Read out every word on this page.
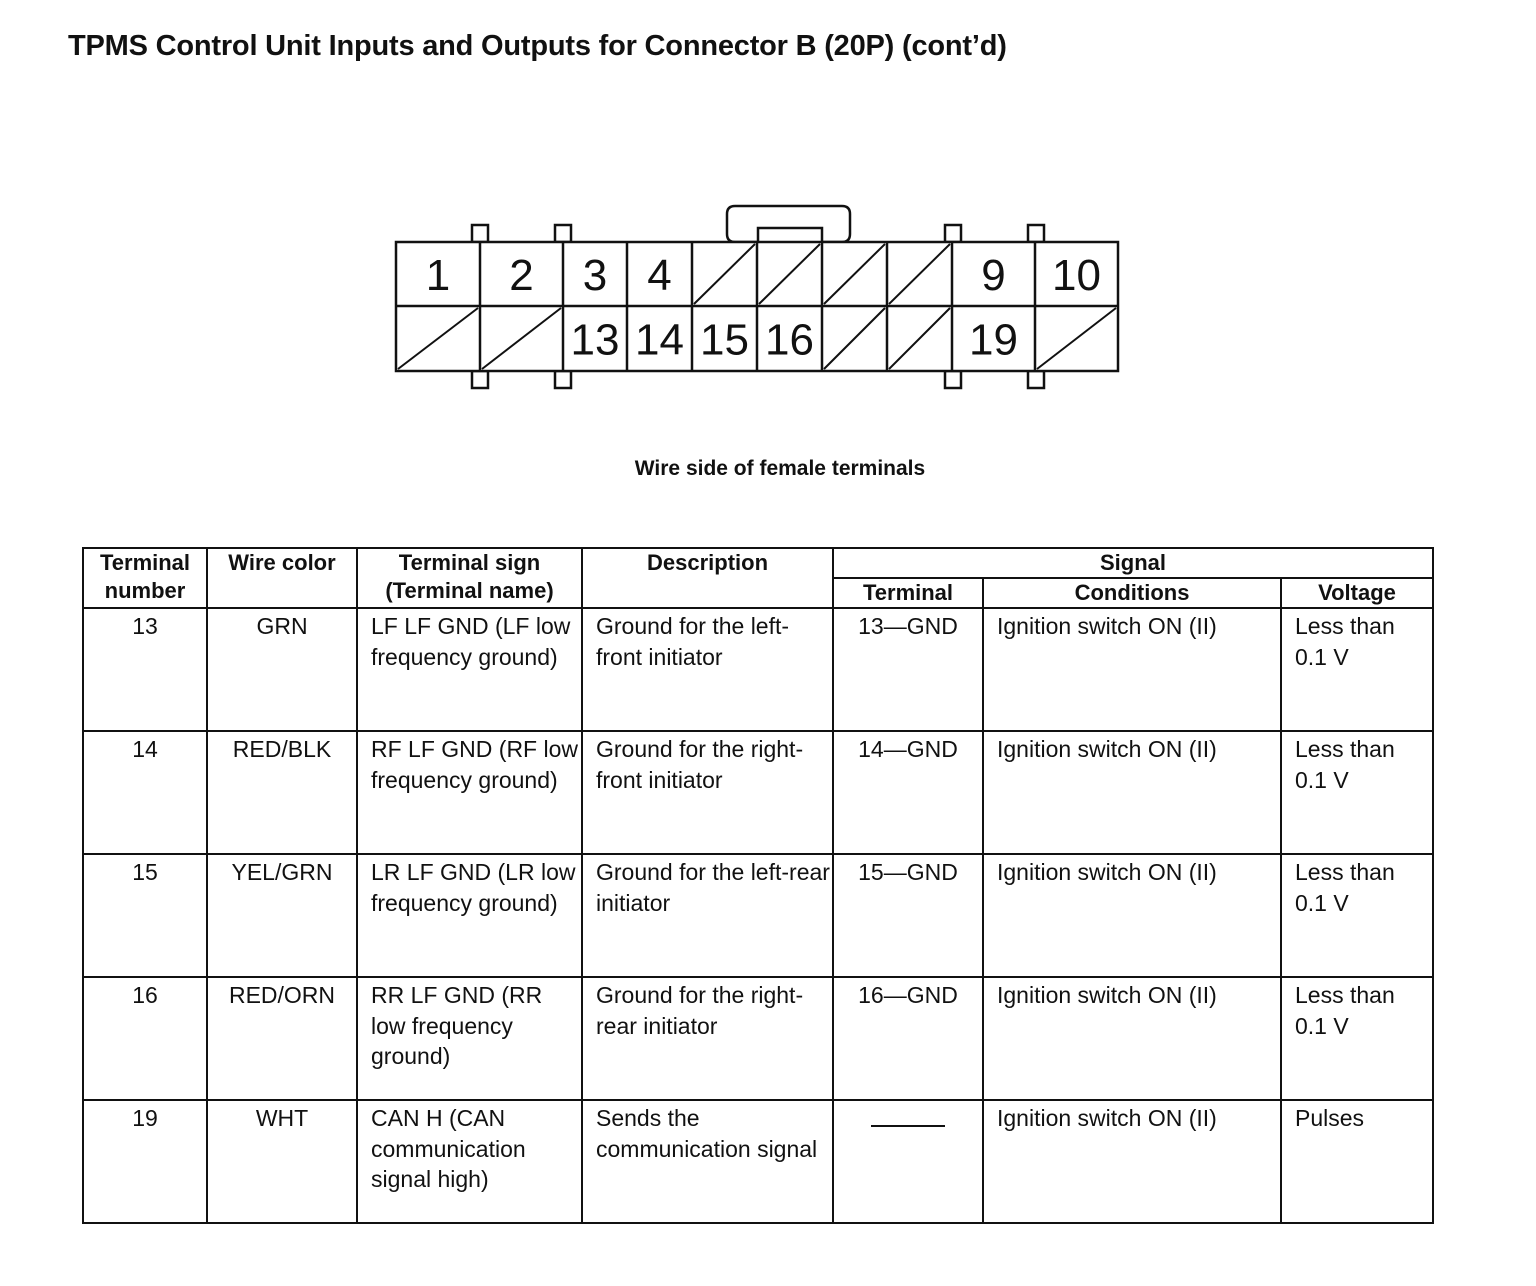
TPMS Control Unit Inputs and Outputs for Connector B (20P) (cont’d)
1 2 3 4	9 10
13 14 15 16	19
Wire side of female terminals
Terminal number	Wire color	Terminal sign (Terminal name)	Description	Signal		
				Terminal	Conditions	Voltage
13	GRN	LF LF GND (LF low frequency ground)	Ground for the left-front initiator	13—GND	Ignition switch ON (II)	Less than 0.1 V
14	RED/BLK	RF LF GND (RF low frequency ground)	Ground for the right-front initiator	14—GND	Ignition switch ON (II)	Less than 0.1 V
15	YEL/GRN	LR LF GND (LR low frequency ground)	Ground for the left-rear initiator	15—GND	Ignition switch ON (II)	Less than 0.1 V
16	RED/ORN	RR LF GND (RR low frequency ground)	Ground for the right-rear initiator	16—GND	Ignition switch ON (II)	Less than 0.1 V
19	WHT	CAN H (CAN communication signal high)	Sends the communication signal		Ignition switch ON (II)	Pulses
